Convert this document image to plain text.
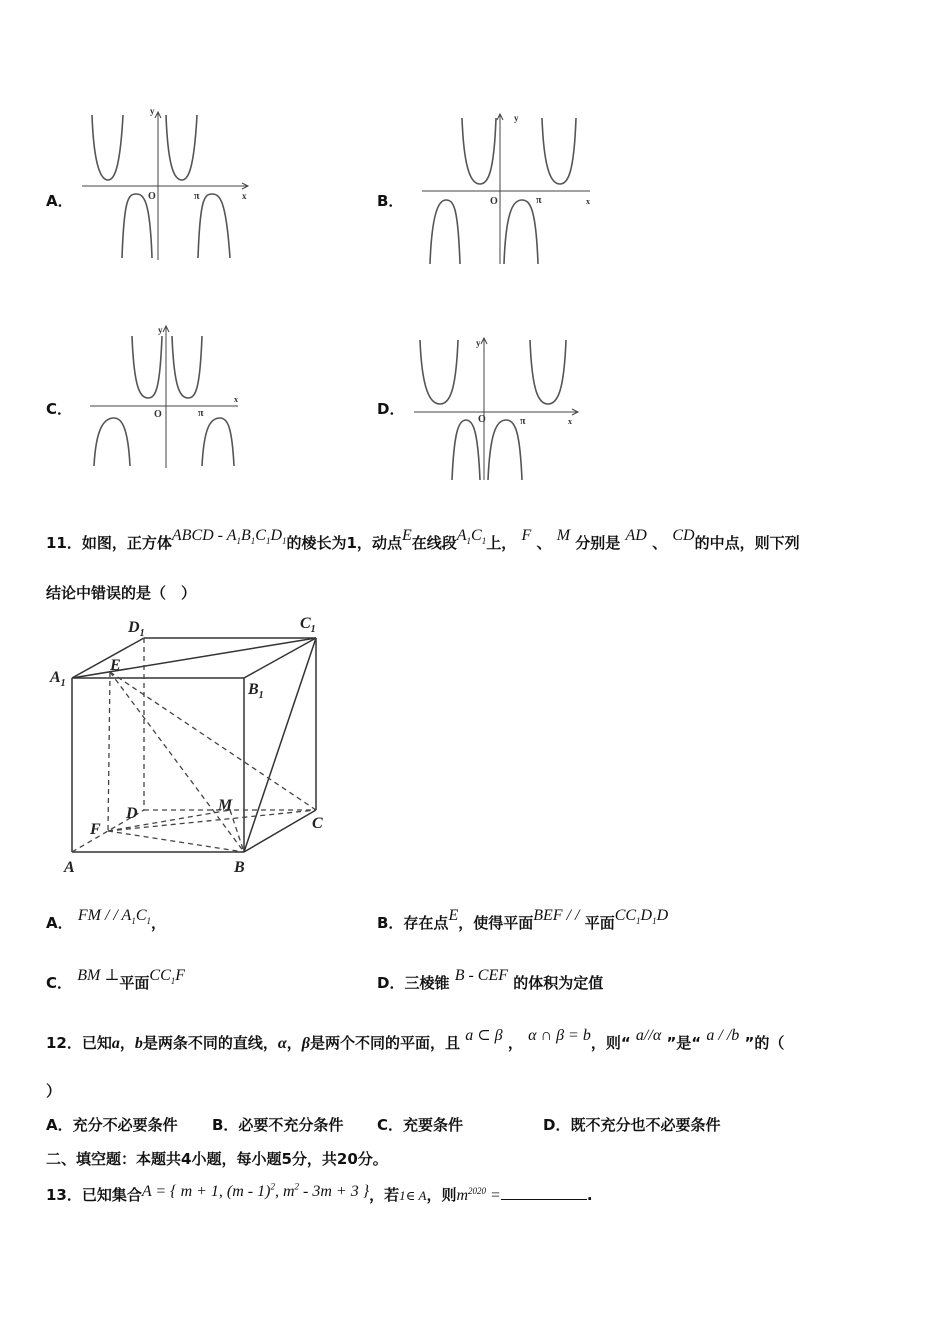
A．
y
x
O	π	B．
y
x
O	π
C．
y
x
O	π	D．
y
x
O	π
11．如图，正方体ABCD - $A_1B_1C_1D_1$的棱长为1，动点E在线段$A_1C_1$上， F 、 M 分别是 AD 、 CD的中点，则下列
结论中错误的是（　）
$D_1$
$C_1$
$A_1$	$B_1$
E
D	M
F	C
A	B
A． FM / / $A_1C_1$，	B．存在点E，使得平面BEF / / 平面$CC_1D_1D$
C． BM ⊥平面$CC_1F$	D．三棱锥 B - CEF 的体积为定值
12．已知a，b是两条不同的直线，α，β是两个不同的平面，且 a ⊂ β ， α ∩ β = b，则“ a//α ”是“ a / /b ”的（
）
A．充分不必要条件 B．必要不充分条件 C．充要条件	D．既不充分也不必要条件
二、填空题：本题共4小题，每小题5分，共20分。
13．已知集合A = { m + 1, (m - 1)$^2$, $m^2 - 3m + 3$ }，若1∈ A，则$m^{2020}$ =	.
